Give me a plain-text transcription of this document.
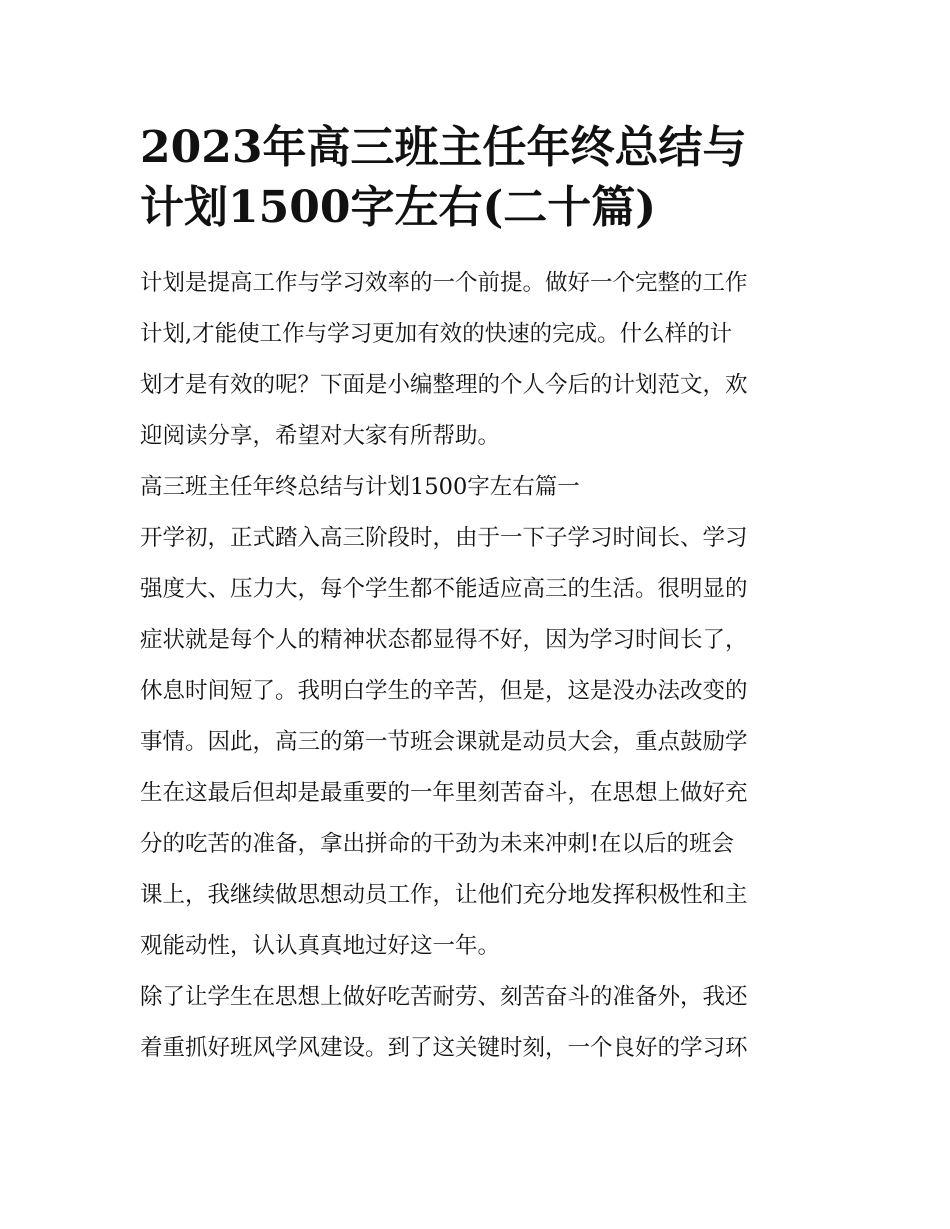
2023年高三班主任年终总结与
计划1500字左右(二十篇)

计划是提高工作与学习效率的一个前提。做好一个完整的工作
计划,才能使工作与学习更加有效的快速的完成。什么样的计
划才是有效的呢？下面是小编整理的个人今后的计划范文，欢
迎阅读分享，希望对大家有所帮助。

高三班主任年终总结与计划1500字左右篇一

开学初，正式踏入高三阶段时，由于一下子学习时间长、学习
强度大、压力大，每个学生都不能适应高三的生活。很明显的
症状就是每个人的精神状态都显得不好，因为学习时间长了，
休息时间短了。我明白学生的辛苦，但是，这是没办法改变的
事情。因此，高三的第一节班会课就是动员大会，重点鼓励学
生在这最后但却是最重要的一年里刻苦奋斗，在思想上做好充
分的吃苦的准备，拿出拼命的干劲为未来冲刺!在以后的班会
课上，我继续做思想动员工作，让他们充分地发挥积极性和主
观能动性，认认真真地过好这一年。

除了让学生在思想上做好吃苦耐劳、刻苦奋斗的准备外，我还
着重抓好班风学风建设。到了这关键时刻，一个良好的学习环
